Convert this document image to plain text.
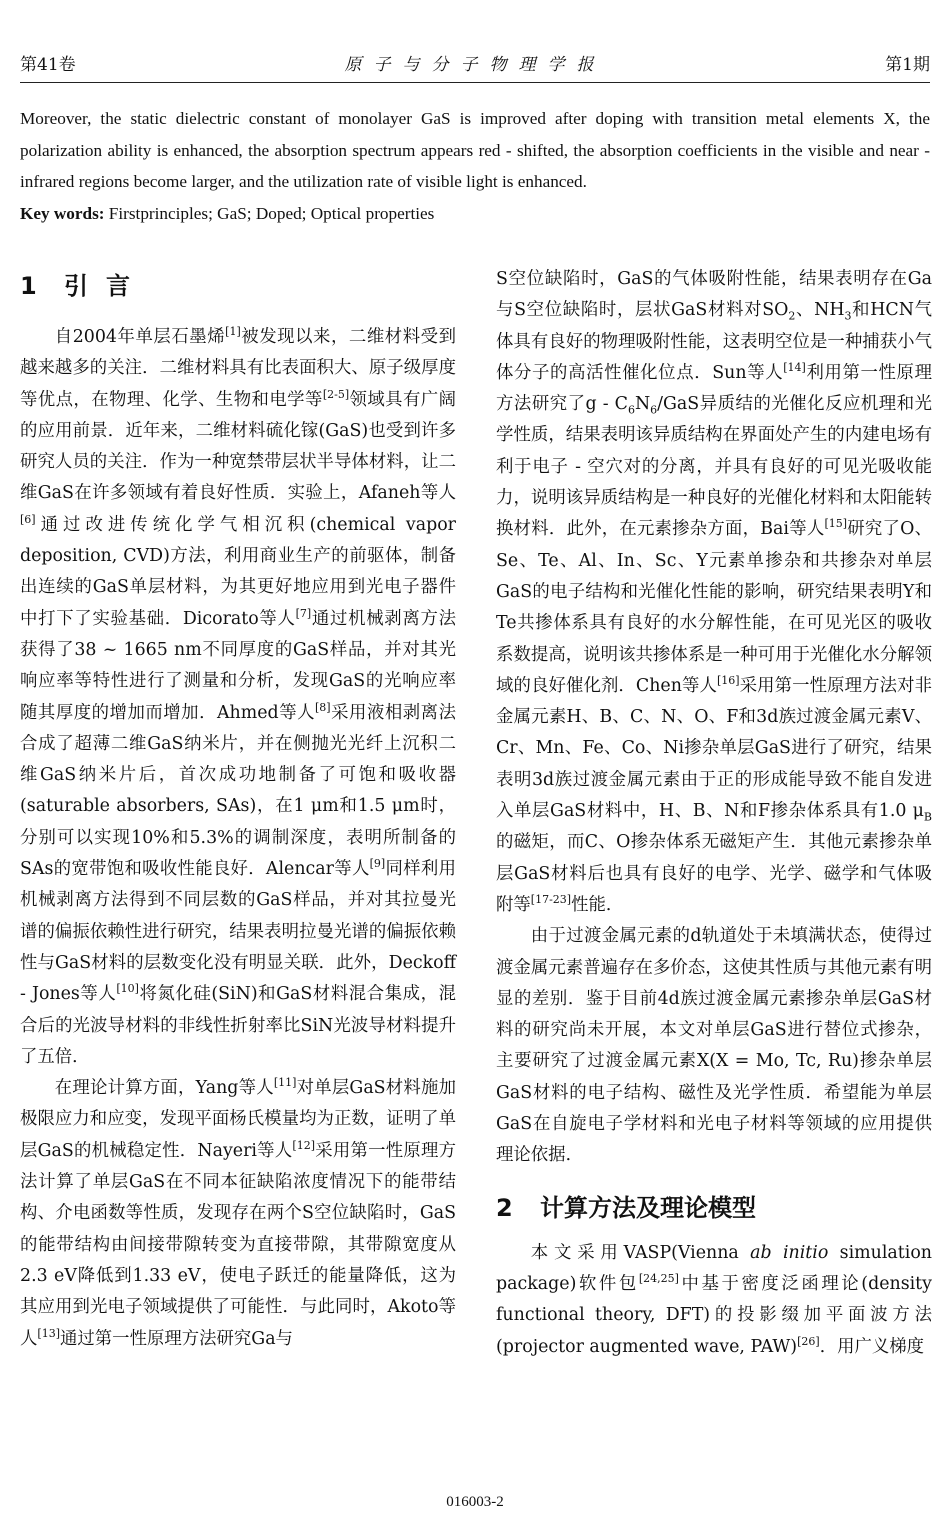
第41卷	原子与分子物理学报	第1期

Moreover, the static dielectric constant of monolayer GaS is improved after doping with transition metal elements X, the polarization ability is enhanced, the absorption spectrum appears red - shifted, the absorption coefficients in the visible and near - infrared regions become larger, and the utilization rate of visible light is enhanced.

Key words: Firstprinciples; GaS; Doped; Optical properties

1 引言

自2004年单层石墨烯[1]被发现以来，二维材料受到越来越多的关注．二维材料具有比表面积大、原子级厚度等优点，在物理、化学、生物和电学等[2-5]领域具有广阔的应用前景．近年来，二维材料硫化镓(GaS)也受到许多研究人员的关注．作为一种宽禁带层状半导体材料，让二维GaS在许多领域有着良好性质．实验上，Afaneh等人[6]通过改进传统化学气相沉积(chemical vapor deposition, CVD)方法，利用商业生产的前驱体，制备出连续的GaS单层材料，为其更好地应用到光电子器件中打下了实验基础．Dicorato等人[7]通过机械剥离方法获得了38 ~ 1665 nm不同厚度的GaS样品，并对其光响应率等特性进行了测量和分析，发现GaS的光响应率随其厚度的增加而增加．Ahmed等人[8]采用液相剥离法合成了超薄二维GaS纳米片，并在侧抛光光纤上沉积二维GaS纳米片后，首次成功地制备了可饱和吸收器(saturable absorbers, SAs)，在1 μm和1.5 μm时，分别可以实现10%和5.3%的调制深度，表明所制备的SAs的宽带饱和吸收性能良好．Alencar等人[9]同样利用机械剥离方法得到不同层数的GaS样品，并对其拉曼光谱的偏振依赖性进行研究，结果表明拉曼光谱的偏振依赖性与GaS材料的层数变化没有明显关联．此外，Deckoff - Jones等人[10]将氮化硅(SiN)和GaS材料混合集成，混合后的光波导材料的非线性折射率比SiN光波导材料提升了五倍．

在理论计算方面，Yang等人[11]对单层GaS材料施加极限应力和应变，发现平面杨氏模量均为正数，证明了单层GaS的机械稳定性．Nayeri等人[12]采用第一性原理方法计算了单层GaS在不同本征缺陷浓度情况下的能带结构、介电函数等性质，发现存在两个S空位缺陷时，GaS的能带结构由间接带隙转变为直接带隙，其带隙宽度从2.3 eV降低到1.33 eV，使电子跃迁的能量降低，这为其应用到光电子领域提供了可能性．与此同时，Akoto等人[13]通过第一性原理方法研究Ga与

S空位缺陷时，GaS的气体吸附性能，结果表明存在Ga与S空位缺陷时，层状GaS材料对$SO_2$、$NH_3$和HCN气体具有良好的物理吸附性能，这表明空位是一种捕获小气体分子的高活性催化位点．Sun等人[14]利用第一性原理方法研究了g - $C_6N_6$/GaS异质结的光催化反应机理和光学性质，结果表明该异质结构在界面处产生的内建电场有利于电子 - 空穴对的分离，并具有良好的可见光吸收能力，说明该异质结构是一种良好的光催化材料和太阳能转换材料．此外，在元素掺杂方面，Bai等人[15]研究了O、Se、Te、Al、In、Sc、Y元素单掺杂和共掺杂对单层GaS的电子结构和光催化性能的影响，研究结果表明Y和Te共掺体系具有良好的水分解性能，在可见光区的吸收系数提高，说明该共掺体系是一种可用于光催化水分解领域的良好催化剂．Chen等人[16]采用第一性原理方法对非金属元素H、B、C、N、O、F和3d族过渡金属元素V、Cr、Mn、Fe、Co、Ni掺杂单层GaS进行了研究，结果表明3d族过渡金属元素由于正的形成能导致不能自发进入单层GaS材料中，H、B、N和F掺杂体系具有1.0 $\mu_B$的磁矩，而C、O掺杂体系无磁矩产生．其他元素掺杂单层GaS材料后也具有良好的电学、光学、磁学和气体吸附等[17-23]性能．

由于过渡金属元素的d轨道处于未填满状态，使得过渡金属元素普遍存在多价态，这使其性质与其他元素有明显的差别．鉴于目前4d族过渡金属元素掺杂单层GaS材料的研究尚未开展，本文对单层GaS进行替位式掺杂，主要研究了过渡金属元素X(X = Mo, Tc, Ru)掺杂单层GaS材料的电子结构、磁性及光学性质．希望能为单层GaS在自旋电子学材料和光电子材料等领域的应用提供理论依据．

2 计算方法及理论模型

本文采用VASP(Vienna ab initio simulation package)软件包[24,25]中基于密度泛函理论(density functional theory, DFT)的投影缀加平面波方法(projector augmented wave, PAW)[26]．用广义梯度

016003-2
